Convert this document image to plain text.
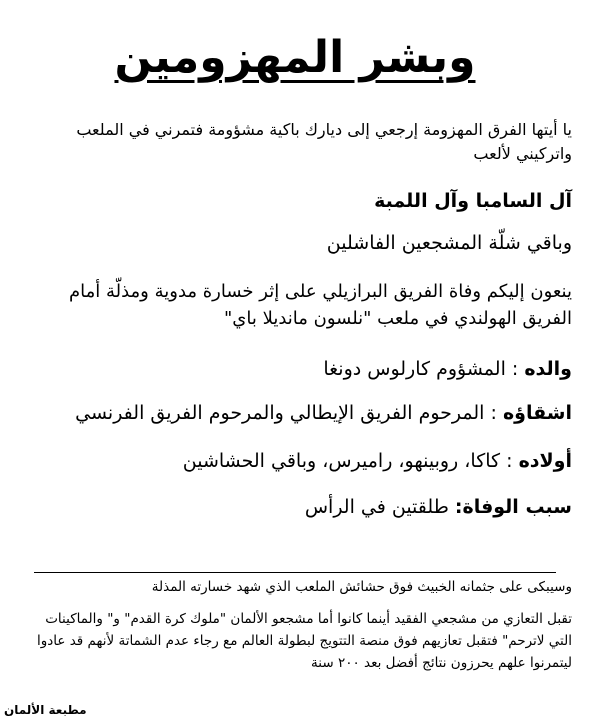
وبشر المهزومين
يا أيتها الفرق المهزومة إرجعي إلى ديارك باكية مشؤومة فتمرني في الملعب واتركيني لألعب
آل السامبا وآل اللمبة
وباقي شلّة المشجعين الفاشلين
ينعون إليكم وفاة الفريق البرازيلي على إثر خسارة مدوية ومذلّة أمام الفريق الهولندي في ملعب "نلسون مانديلا باي"
والده : المشؤوم كارلوس دونغا
اشقاؤه : المرحوم الفريق الإيطالي والمرحوم الفريق الفرنسي
أولاده : كاكا، روبينهو، راميرس، وباقي الحشاشين
سبب الوفاة: طلقتين في الرأس
وسيبكى على جثمانه الخبيث فوق حشائش الملعب الذي شهد خسارته المذلة
تقبل التعازي من مشجعي الفقيد أينما كانوا أما مشجعو الألمان "ملوك كرة القدم" و" والماكينات التي لاترحم" فتقبل تعازيهم فوق منصة التتويج لبطولة العالم مع رجاء عدم الشماتة لأنهم قد عادوا ليتمرنوا علهم يحرزون نتائج أفضل بعد ٢٠٠ سنة
مطبعة الألمان
